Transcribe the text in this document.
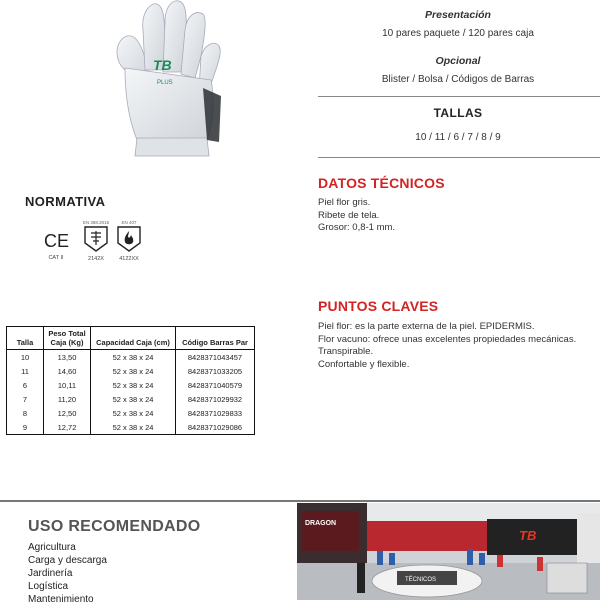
TB
PLUS
Presentación
10 pares paquete / 120 pares caja
Opcional
Blister / Bolsa / Códigos de Barras
TALLAS
10 / 11 / 6 / 7 / 8 / 9
DATOS TÉCNICOS
Piel flor gris.
Ribete de tela.
Grosor: 0,8-1 mm.
PUNTOS CLAVES
Piel flor: es la parte externa de la piel. EPIDERMIS.
Flor vacuno: ofrece unas excelentes propiedades mecánicas.
Transpirable.
Confortable y flexible.
NORMATIVA
CE
CAT II
EN 388:2016
2142X
EN 407
4122XX
Talla	Peso Total Caja (Kg)	Capacidad Caja (cm)	Código Barras Par
10	13,50	52 x 38 x 24	8428371043457
11	14,60	52 x 38 x 24	8428371033205
6	10,11	52 x 38 x 24	8428371040579
7	11,20	52 x 38 x 24	8428371029932
8	12,50	52 x 38 x 24	8428371029833
9	12,72	52 x 38 x 24	8428371029086
USO RECOMENDADO
Agricultura
Carga y descarga
Jardinería
Logística
Mantenimiento
DRAGON
TB
TÉCNICOS
